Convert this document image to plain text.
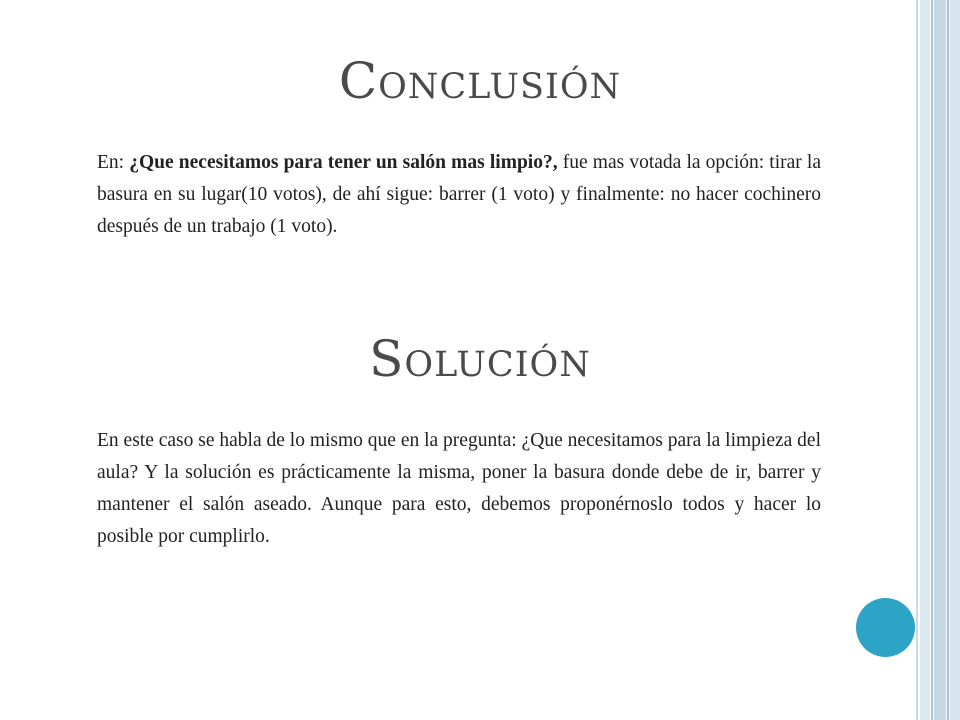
Conclusión

En: ¿Que necesitamos para tener un salón mas limpio?, fue mas votada la opción: tirar la basura en su lugar(10 votos), de ahí sigue: barrer (1 voto) y finalmente: no hacer cochinero después de un trabajo (1 voto).

Solución

En este caso se habla de lo mismo que en la pregunta: ¿Que necesitamos para la limpieza del aula? Y la solución es prácticamente la misma, poner la basura donde debe de ir, barrer y mantener el salón aseado. Aunque para esto, debemos proponérnoslo todos y hacer lo posible por cumplirlo.
